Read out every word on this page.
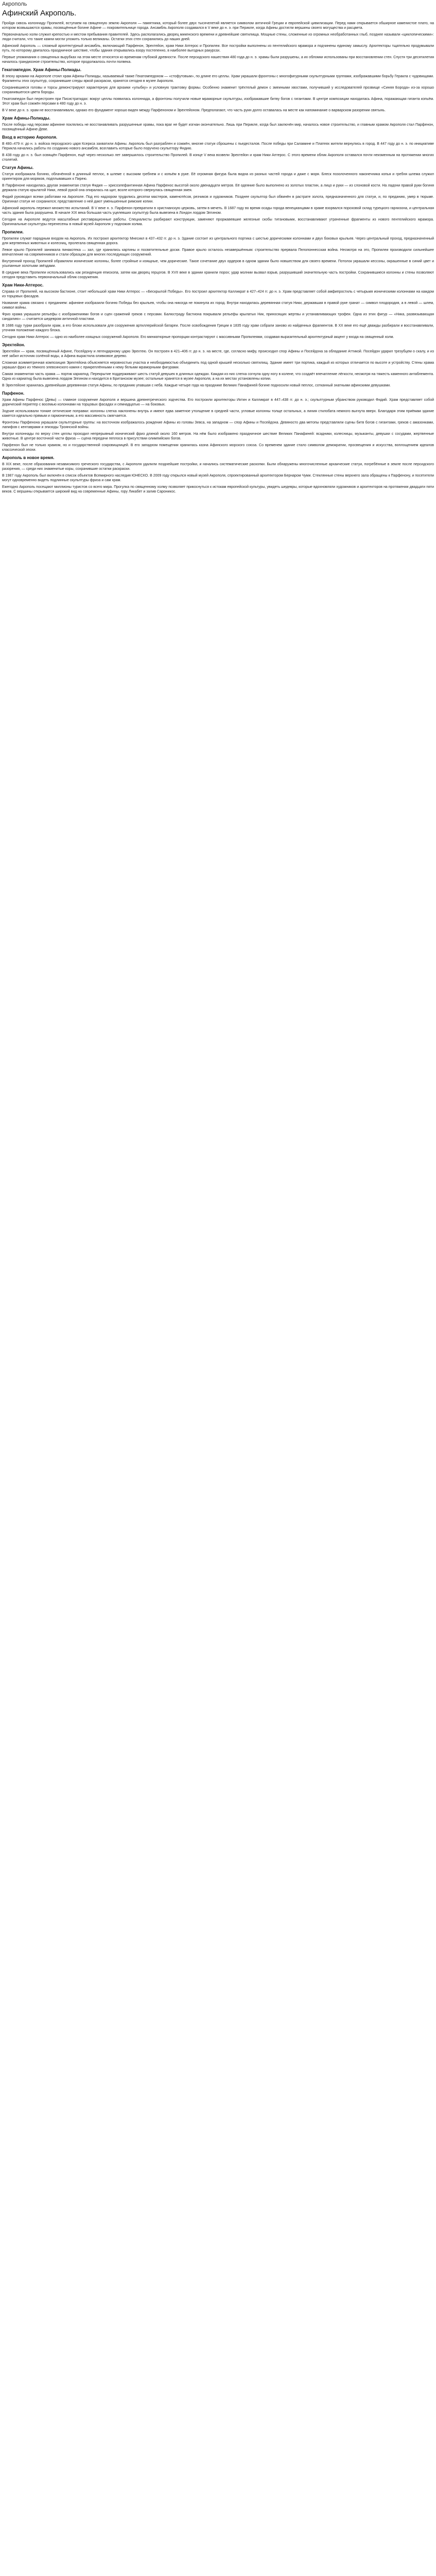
Акрополь
Афинский Акрополь.

Пройдя сквозь колоннаду Пропилей, вступаем на священную землю Акрополя — памятника, который более двух тысячелетий является символом античной Греции и европейской цивилизации. Перед нами открывается обширное каменистое плато, на котором возвышаются храмы, посвящённые богине Афине — покровительнице города. Ансамбль Акрополя создавался в V веке до н. э. при Перикле, когда Афины достигли вершины своего могущества и расцвета.

Первоначально холм служил крепостью и местом пребывания правителей. Здесь располагались дворец микенского времени и древнейшие святилища. Мощные стены, сложенные из огромных необработанных глыб, позднее называли «циклопическими»: люди считали, что такие камни могли уложить только великаны. Остатки этих стен сохранились до наших дней.

Афинский Акрополь — сложный архитектурный ансамбль, включающий Парфенон, Эрехтейон, храм Ники Аптерос и Пропилеи. Все постройки выполнены из пентелийского мрамора и подчинены единому замыслу. Архитекторы тщательно продумывали путь, по которому двигалось праздничное шествие, чтобы здания открывались взору постепенно, в наиболее выгодных ракурсах.

Первые упоминания о священных вырубках на этом месте относятся ко временам глубокой древности. После персидского нашествия 480 года до н. э. храмы были разрушены, а их обломки использованы при восстановлении стен. Спустя три десятилетия началось грандиозное строительство, которое продолжалось почти полвека.

Гекатомпедон. Храм Афины-Полиады.

В эпоху архаики на Акрополе стоял храм Афины-Полиады, называемый также Гекатомпедоном — «стофутовым», по длине его целлы. Храм украшали фронтоны с многофигурными скульптурными группами, изображавшими борьбу Геракла с чудовищами. Фрагменты этих скульптур, сохранившие следы яркой раскраски, хранятся сегодня в музее Акрополя.

Сохранившиеся головы и торсы демонстрируют характерную для архаики «улыбку» и условную трактовку формы. Особенно знаменит трёхтелый демон с змеиными хвостами, получивший у исследователей прозвище «Синяя Борода» из-за хорошо сохранившегося цвета бороды.

Гекатомпедон был перестроен при Писистратидах: вокруг целлы появилась колоннада, а фронтоны получили новые мраморные скульптуры, изображавшие битву богов с гигантами. В центре композиции находилась Афина, поражающая гиганта копьём. Этот храм был сожжён персами в 480 году до н. э.

В V веке до н. э. храм не восстанавливали, однако его фундамент хорошо виден между Парфеноном и Эрехтейоном. Предполагают, что часть руин долго оставалась на месте как напоминание о варварском разорении святынь.

Храм Афины-Полиады.

После победы над персами афиняне поклялись не восстанавливать разрушенные храмы, пока враг не будет изгнан окончательно. Лишь при Перикле, когда был заключён мир, началось новое строительство, и главным храмом Акрополя стал Парфенон, посвящённый Афине-Деве.

Вход в историю Акрополя.

В 480–479 гг. до н. э. войска персидского царя Ксеркса захватили Афины. Акрополь был разграблен и сожжён, многие статуи сброшены с пьедесталов. После победы при Саламине и Платеях жители вернулись в город. В 447 году до н. э. по инициативе Перикла начались работы по созданию нового ансамбля, возглавить которые было поручено скульптору Фидию.

В 438 году до н. э. был освящён Парфенон, ещё через несколько лет завершилось строительство Пропилей. В конце V века возвели Эрехтейон и храм Ники Аптерос. С этого времени облик Акрополя оставался почти неизменным на протяжении многих столетий.

Статуя Афины.

Статуя изображала богиню, облачённой в длинный пеплос, в шлеме с высоким гребнем и с копьём в руке. Её огромная фигура была видна из разных частей города и даже с моря. Блеск позолоченного наконечника копья и гребня шлема служил ориентиром для моряков, подплывавших к Пирею.

В Парфеноне находилась другая знаменитая статуя Фидия — хрисоэлефантинная Афина Парфенос высотой около двенадцати метров. Её одеяние было выполнено из золотых пластин, а лицо и руки — из слоновой кости. На ладони правой руки богиня держала статую крылатой Ники, левой рукой она опиралась на щит, возле которого свернулась священная змея.

Фидий руководил всеми работами на Акрополе. Под его надзором трудились десятки мастеров, каменотёсов, резчиков и художников. Позднее скульптор был обвинён в растрате золота, предназначенного для статуи, и, по преданию, умер в тюрьме. Оригинал статуи не сохранился; представление о ней дают уменьшенные римские копии.

Афинский акрополь пережил множество испытаний. В V веке н. э. Парфенон превратили в христианскую церковь, затем в мечеть. В 1687 году во время осады города венецианцами в храме взорвался пороховой склад турецкого гарнизона, и центральная часть здания была разрушена. В начале XIX века большая часть уцелевших скульптур была вывезена в Лондон лордом Элгином.

Сегодня на Акрополе ведутся масштабные реставрационные работы. Специалисты разбирают конструкции, заменяют проржавевшие железные скобы титановыми, восстанавливают утраченные фрагменты из нового пентелийского мрамора. Оригинальные скульптуры перенесены в новый музей Акрополя у подножия холма.

Пропилеи.

Пропилеи служат парадным входом на Акрополь. Их построил архитектор Мнесикл в 437–432 гг. до н. э. Здание состоит из центрального портика с шестью дорическими колоннами и двух боковых крыльев. Через центральный проход, предназначенный для жертвенных животных и колесниц, пролегала священная дорога.

Левое крыло Пропилей занимала пинакотека — зал, где хранились картины и посвятительные доски. Правое крыло осталось незавершённым: строительство прервала Пелопоннесская война. Несмотря на это, Пропилеи производили сильнейшее впечатление на современников и стали образцом для многих последующих сооружений.

Внутренний проход Пропилей обрамляли ионические колонны, более стройные и изящные, чем дорические. Такое сочетание двух ордеров в одном здании было новшеством для своего времени. Потолок украшали кессоны, окрашенные в синий цвет и усыпанные золотыми звёздами.

В средние века Пропилеи использовались как резиденция епископа, затем как дворец герцогов. В XVII веке в здании хранили порох; удар молнии вызвал взрыв, разрушивший значительную часть постройки. Сохранившиеся колонны и стены позволяют сегодня представить первоначальный облик сооружения.

Храм Ники-Аптерос.

Справа от Пропилей, на высоком бастионе, стоит небольшой храм Ники Аптерос — «Бескрылой Победы». Его построил архитектор Калликрат в 427–424 гг. до н. э. Храм представляет собой амфипростиль с четырьмя ионическими колоннами на каждом из торцовых фасадов.

Название храма связано с преданием: афиняне изобразили богиню Победы без крыльев, чтобы она никогда не покинула их город. Внутри находилась деревянная статуя Ники, державшая в правой руке гранат — символ плодородия, а в левой — шлем, символ войны.

Фриз храма украшали рельефы с изображениями богов и сцен сражений греков с персами. Балюстраду бастиона покрывали рельефы крылатых Ник, приносящих жертвы и устанавливающих трофеи. Одна из этих фигур — «Ника, развязывающая сандалию» — считается шедевром античной пластики.

В 1686 году турки разобрали храм, а его блоки использовали для сооружения артиллерийской батареи. После освобождения Греции в 1835 году храм собрали заново из найденных фрагментов. В XX веке его ещё дважды разбирали и восстанавливали, уточняя положение каждого блока.

Сегодня храм Ники Аптерос — одно из наиболее изящных сооружений Акрополя. Его миниатюрные пропорции контрастируют с массивными Пропилеями, создавая выразительный архитектурный акцент у входа на священный холм.

Эрехтейон.

Эрехтейон — храм, посвящённый Афине, Посейдону и легендарному царю Эрехтею. Он построен в 421–406 гг. до н. э. на месте, где, согласно мифу, происходил спор Афины и Посейдона за обладание Аттикой. Посейдон ударил трезубцем о скалу, и из неё забил источник солёной воды, а Афина вырастила оливковое дерево.

Сложная асимметричная композиция Эрехтейона объясняется неровностью участка и необходимостью объединить под одной крышей несколько святилищ. Здание имеет три портика, каждый из которых отличается по высоте и устройству. Стены храма украшал фриз из тёмного элевсинского камня с прикреплёнными к нему белыми мраморными фигурами.

Самая знаменитая часть храма — портик кариатид. Перекрытие поддерживают шесть статуй девушек в длинных одеждах. Каждая из них слегка согнула одну ногу в колене, что создаёт впечатление лёгкости, несмотря на тяжесть каменного антаблемента. Одна из кариатид была вывезена лордом Элгином и находится в Британском музее; остальные хранятся в музее Акрополя, а на их местах установлены копии.

В Эрехтейоне хранилась древнейшая деревянная статуя Афины, по преданию упавшая с неба. Каждые четыре года на празднике Великих Панафиней богине подносили новый пеплос, сотканный знатными афинскими девушками.

Парфенон.

Храм Афины Парфенос (Девы) — главное сооружение Акрополя и вершина древнегреческого зодчества. Его построили архитекторы Иктин и Калликрат в 447–438 гг. до н. э.; скульптурным убранством руководил Фидий. Храм представляет собой дорический периптер с восемью колоннами на торцовых фасадах и семнадцатью — на боковых.

Зодчие использовали тонкие оптические поправки: колонны слегка наклонены внутрь и имеют едва заметное утолщение в средней части, угловые колонны толще остальных, а линия стилобата немного выгнута вверх. Благодаря этим приёмам здание кажется идеально прямым и гармоничным, а его массивность смягчается.

Фронтоны Парфенона украшали скульптурные группы: на восточном изображалось рождение Афины из головы Зевса, на западном — спор Афины и Посейдона. Девяносто два метопы представляли сцены битв богов с гигантами, греков с амазонками, лапифов с кентаврами и эпизоды Троянской войны.

Внутри колоннады по верху стен целлы проходил непрерывный ионический фриз длиной около 160 метров. На нём было изображено праздничное шествие Великих Панафиней: всадники, колесницы, музыканты, девушки с сосудами, жертвенные животные. В центре восточной части фриза — сцена передачи пеплоса в присутствии олимпийских богов.

Парфенон был не только храмом, но и государственной сокровищницей. В его западном помещении хранилась казна Афинского морского союза. Со временем здание стало символом демократии, просвещения и искусства, воплощением идеалов классической эпохи.

Акрополь в новое время.

В XIX веке, после образования независимого греческого государства, с Акрополя удалили позднейшие постройки, и начались систематические раскопки. Были обнаружены многочисленные архаические статуи, погребённые в земле после персидского разорения, — среди них знаменитые коры, сохранившие остатки раскраски.

В 1987 году Акрополь был включён в список объектов Всемирного наследия ЮНЕСКО. В 2009 году открылся новый музей Акрополя, спроектированный архитектором Бернаром Чуми. Стеклянные стены верхнего зала обращены к Парфенону, и посетители могут одновременно видеть подлинные скульптуры фриза и сам храм.

Ежегодно Акрополь посещают миллионы туристов со всего мира. Прогулка по священному холму позволяет прикоснуться к истокам европейской культуры, увидеть шедевры, которые вдохновляли художников и архитекторов на протяжении двадцати пяти веков. С вершины открывается широкий вид на современные Афины, гору Ликабет и залив Сароникос.
